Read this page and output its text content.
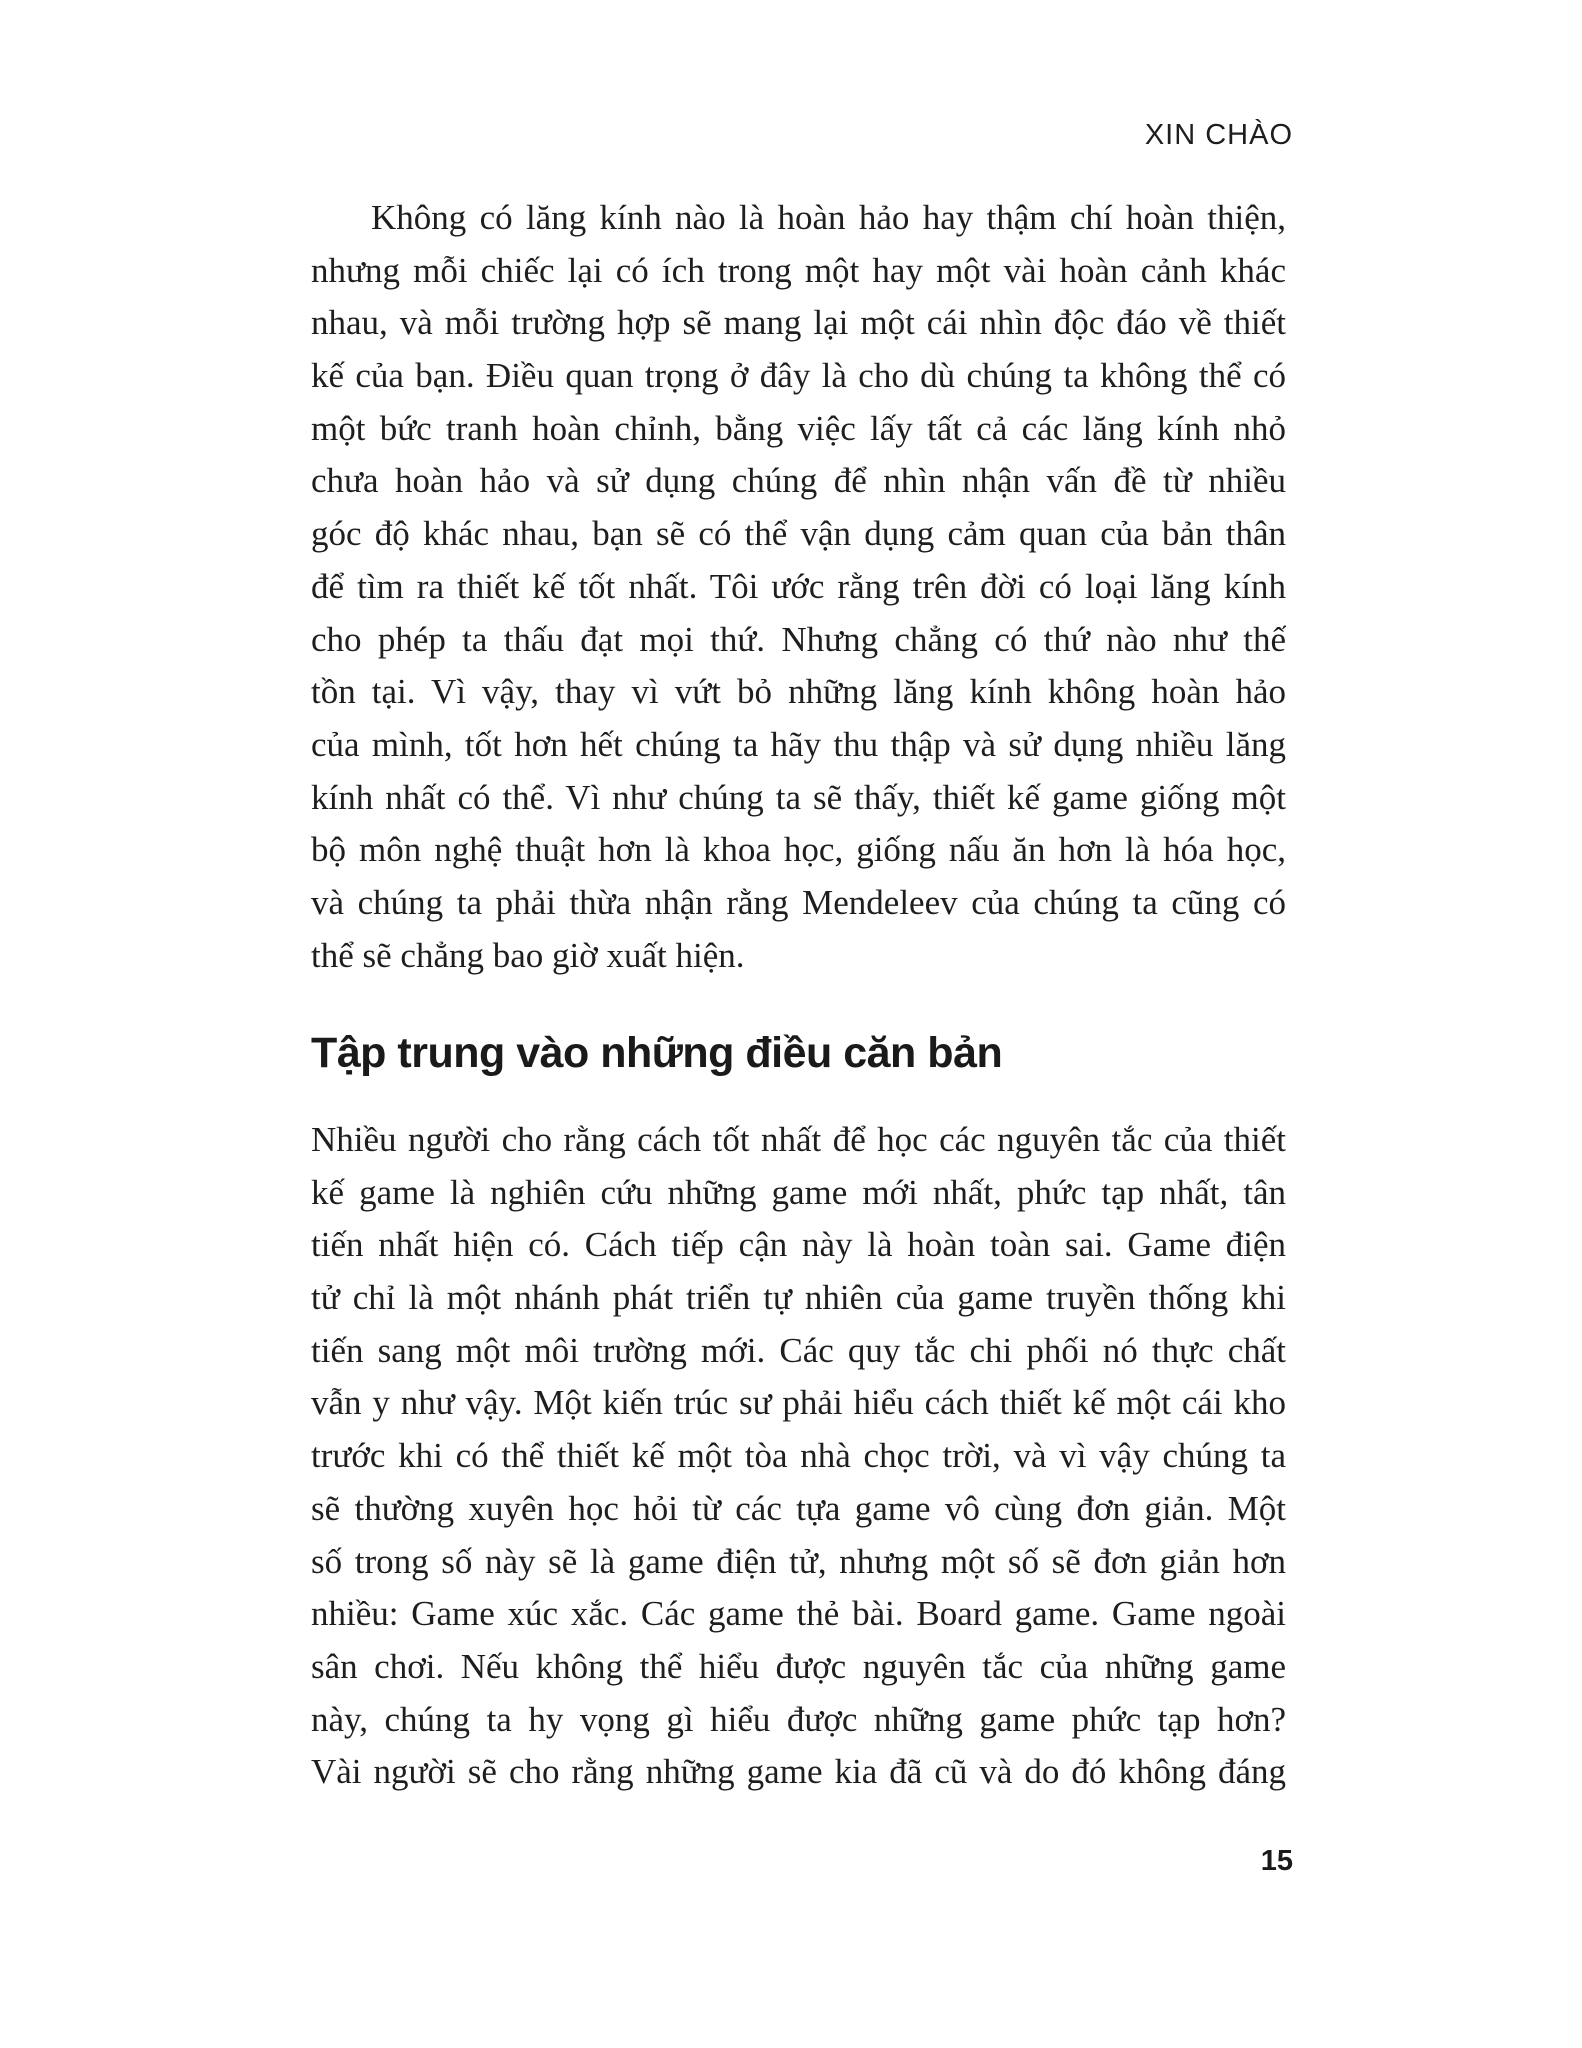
XIN CHÀO
Không có lăng kính nào là hoàn hảo hay thậm chí hoàn thiện,
nhưng mỗi chiếc lại có ích trong một hay một vài hoàn cảnh khác
nhau, và mỗi trường hợp sẽ mang lại một cái nhìn độc đáo về thiết
kế của bạn. Điều quan trọng ở đây là cho dù chúng ta không thể có
một bức tranh hoàn chỉnh, bằng việc lấy tất cả các lăng kính nhỏ
chưa hoàn hảo và sử dụng chúng để nhìn nhận vấn đề từ nhiều
góc độ khác nhau, bạn sẽ có thể vận dụng cảm quan của bản thân
để tìm ra thiết kế tốt nhất. Tôi ước rằng trên đời có loại lăng kính
cho phép ta thấu đạt mọi thứ. Nhưng chẳng có thứ nào như thế
tồn tại. Vì vậy, thay vì vứt bỏ những lăng kính không hoàn hảo
của mình, tốt hơn hết chúng ta hãy thu thập và sử dụng nhiều lăng
kính nhất có thể. Vì như chúng ta sẽ thấy, thiết kế game giống một
bộ môn nghệ thuật hơn là khoa học, giống nấu ăn hơn là hóa học,
và chúng ta phải thừa nhận rằng Mendeleev của chúng ta cũng có
thể sẽ chẳng bao giờ xuất hiện.
Tập trung vào những điều căn bản
Nhiều người cho rằng cách tốt nhất để học các nguyên tắc của thiết
kế game là nghiên cứu những game mới nhất, phức tạp nhất, tân
tiến nhất hiện có. Cách tiếp cận này là hoàn toàn sai. Game điện
tử chỉ là một nhánh phát triển tự nhiên của game truyền thống khi
tiến sang một môi trường mới. Các quy tắc chi phối nó thực chất
vẫn y như vậy. Một kiến trúc sư phải hiểu cách thiết kế một cái kho
trước khi có thể thiết kế một tòa nhà chọc trời, và vì vậy chúng ta
sẽ thường xuyên học hỏi từ các tựa game vô cùng đơn giản. Một
số trong số này sẽ là game điện tử, nhưng một số sẽ đơn giản hơn
nhiều: Game xúc xắc. Các game thẻ bài. Board game. Game ngoài
sân chơi. Nếu không thể hiểu được nguyên tắc của những game
này, chúng ta hy vọng gì hiểu được những game phức tạp hơn?
Vài người sẽ cho rằng những game kia đã cũ và do đó không đáng
15
